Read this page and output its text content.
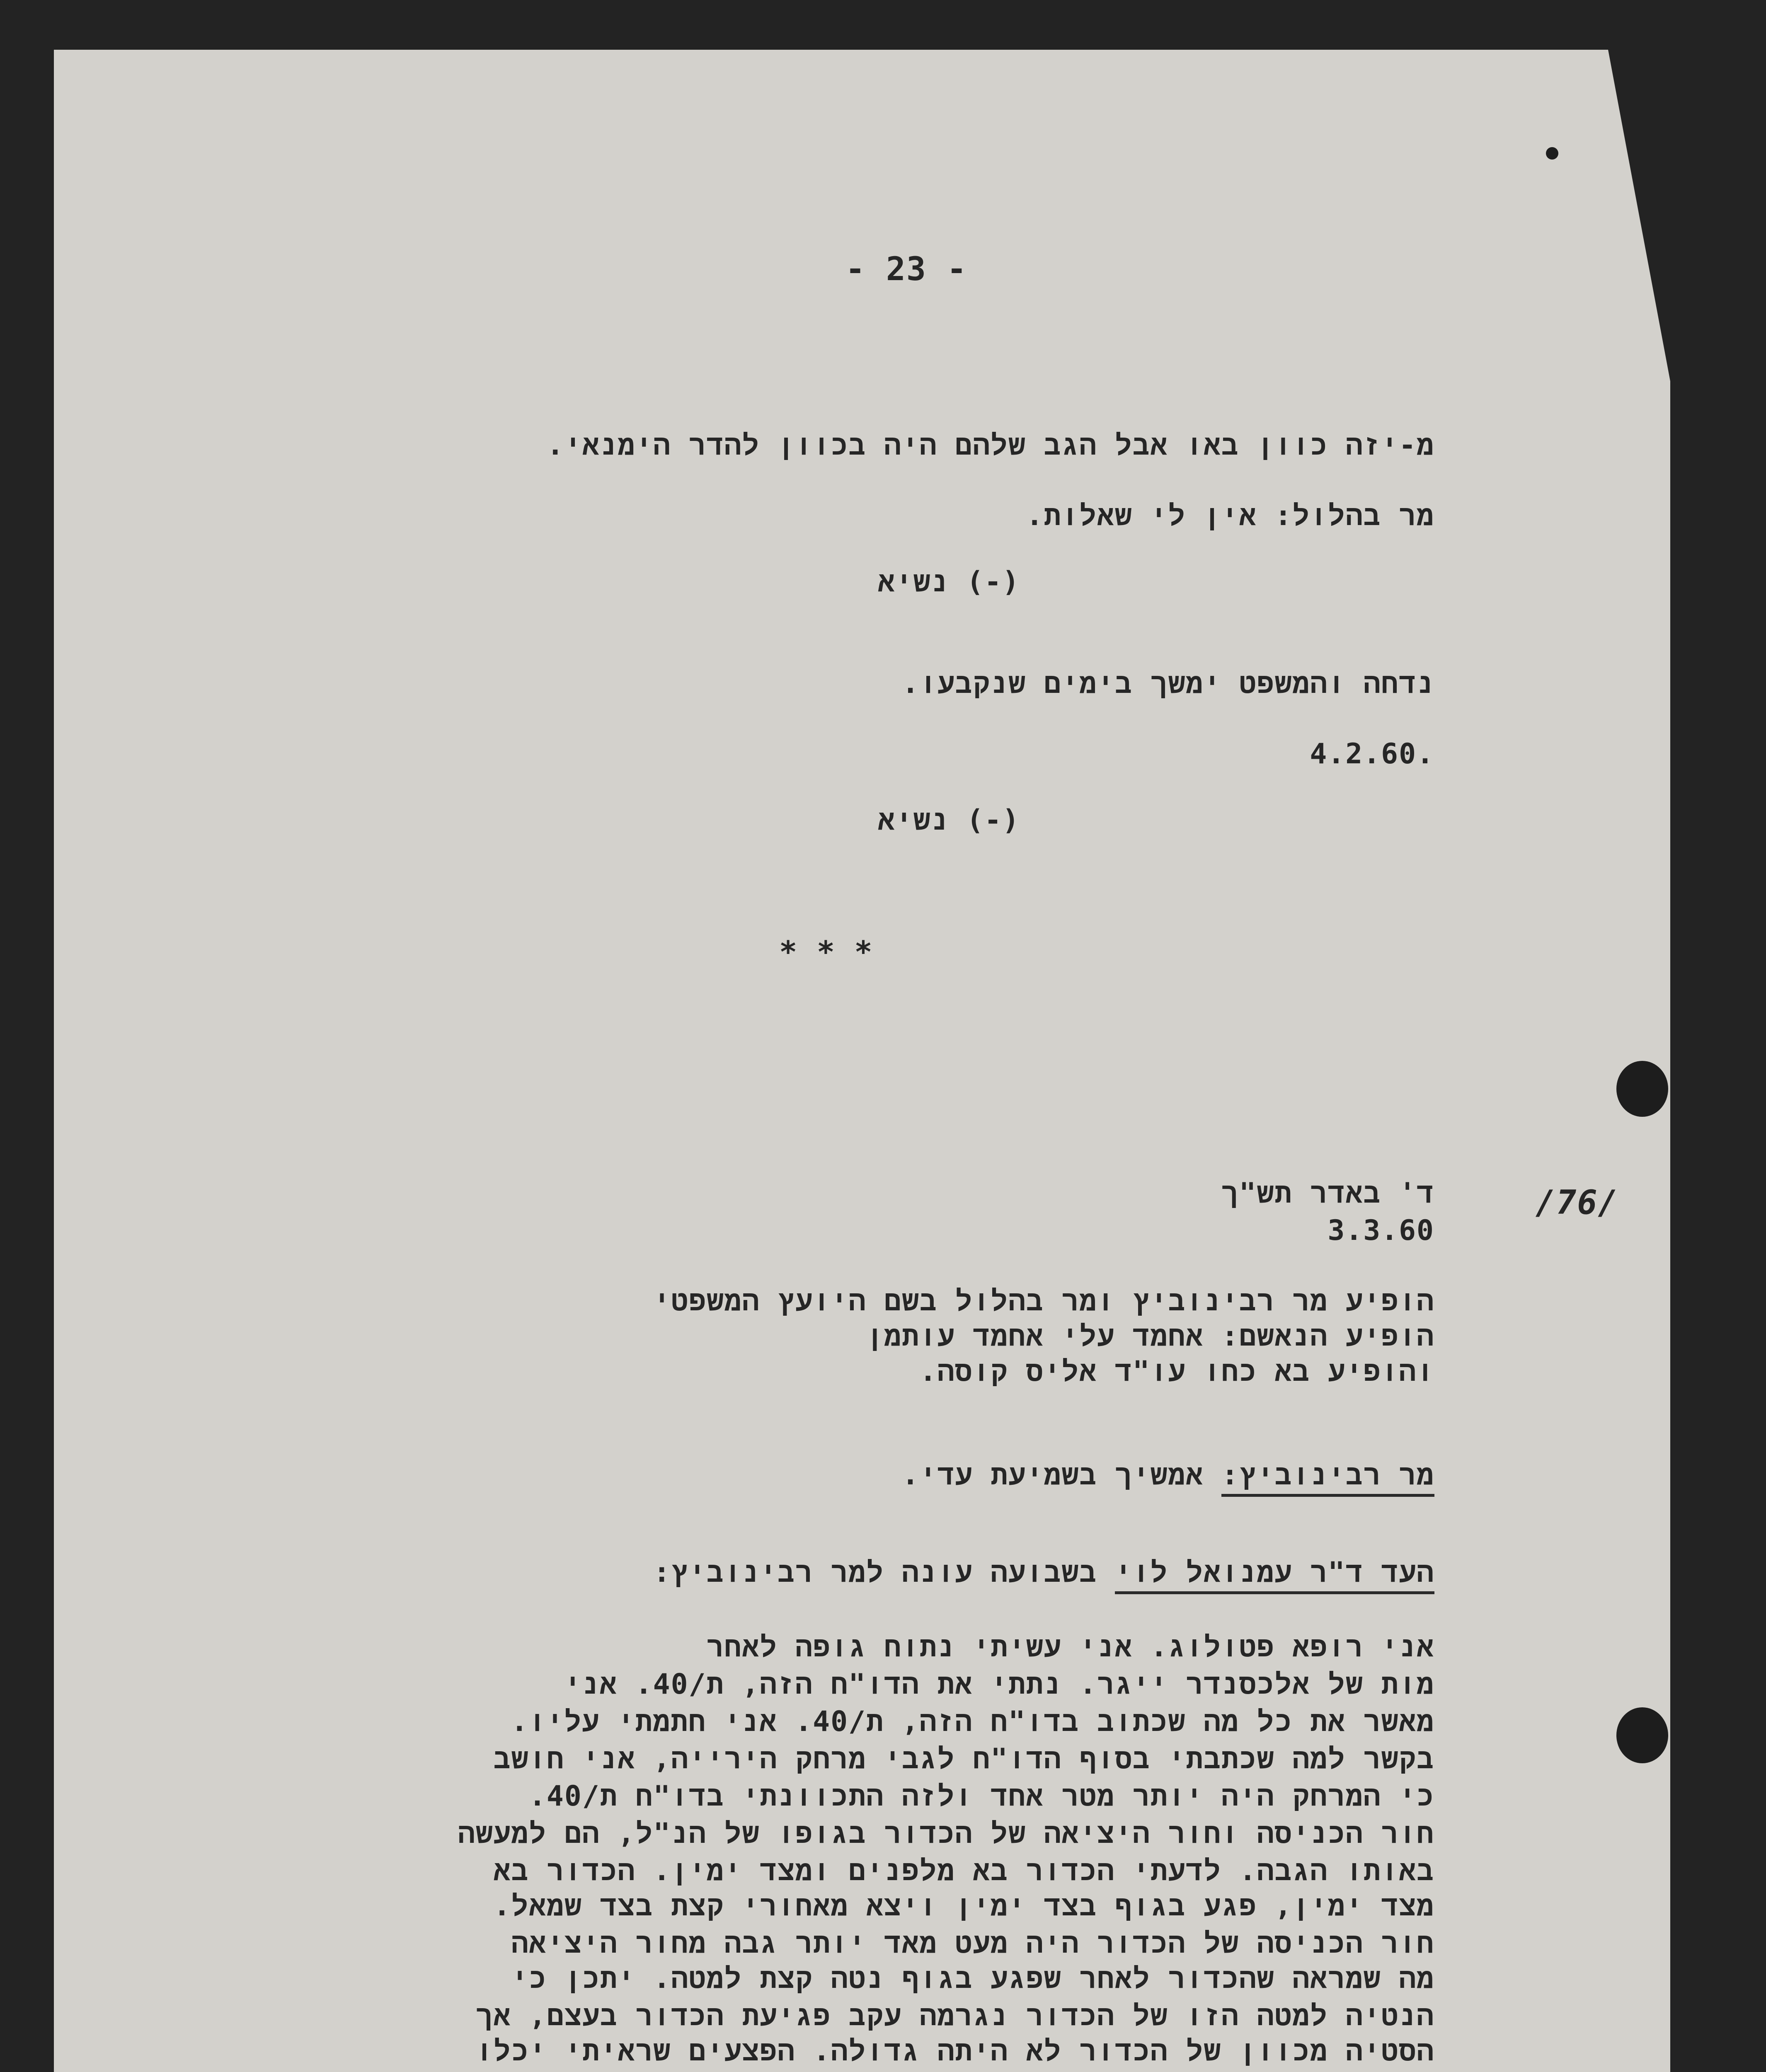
- 23 -
מ-יזה כוון באו אבל הגב שלהם היה בכוון להדר הימנאי.
מר בהלול: אין לי שאלות.
(-) נשיא
נדחה והמשפט ימשך בימים שנקבעו.
4.2.60.
(-) נשיא
* * *
/76/
ד' באדר תש"ך
3.3.60
הופיע מר רבינוביץ ומר בהלול בשם היועץ המשפטי
הופיע הנאשם: אחמד עלי אחמד עותמן
והופיע בא כחו עו"ד אליס קוסה.
מר רבינוביץ: אמשיך בשמיעת עדי.
העד ד"ר עמנואל לוי בשבועה עונה למר רבינוביץ:
אני רופא פטולוג. אני עשיתי נתוח גופה לאחר
מות של אלכסנדר ייגר. נתתי את הדו"ח הזה, ת/40. אני
מאשר את כל מה שכתוב בדו"ח הזה, ת/40. אני חתמתי עליו.
בקשר למה שכתבתי בסוף הדו"ח לגבי מרחק הירייה, אני חושב
כי המרחק היה יותר מטר אחד ולזה התכוונתי בדו"ח ת/40.
חור הכניסה וחור היציאה של הכדור בגופו של הנ"ל, הם למעשה
באותו הגבה. לדעתי הכדור בא מלפנים ומצד ימין. הכדור בא
מצד ימין, פגע בגוף בצד ימין ויצא מאחורי קצת בצד שמאל.
חור הכניסה של הכדור היה מעט מאד יותר גבה מחור היציאה
מה שמראה שהכדור לאחר שפגע בגוף נטה קצת למטה. יתכן כי
הנטיה למטה הזו של הכדור נגרמה עקב פגיעת הכדור בעצם, אך
הסטיה מכוון של הכדור לא היתה גדולה. הפצעים שראיתי יכלו
